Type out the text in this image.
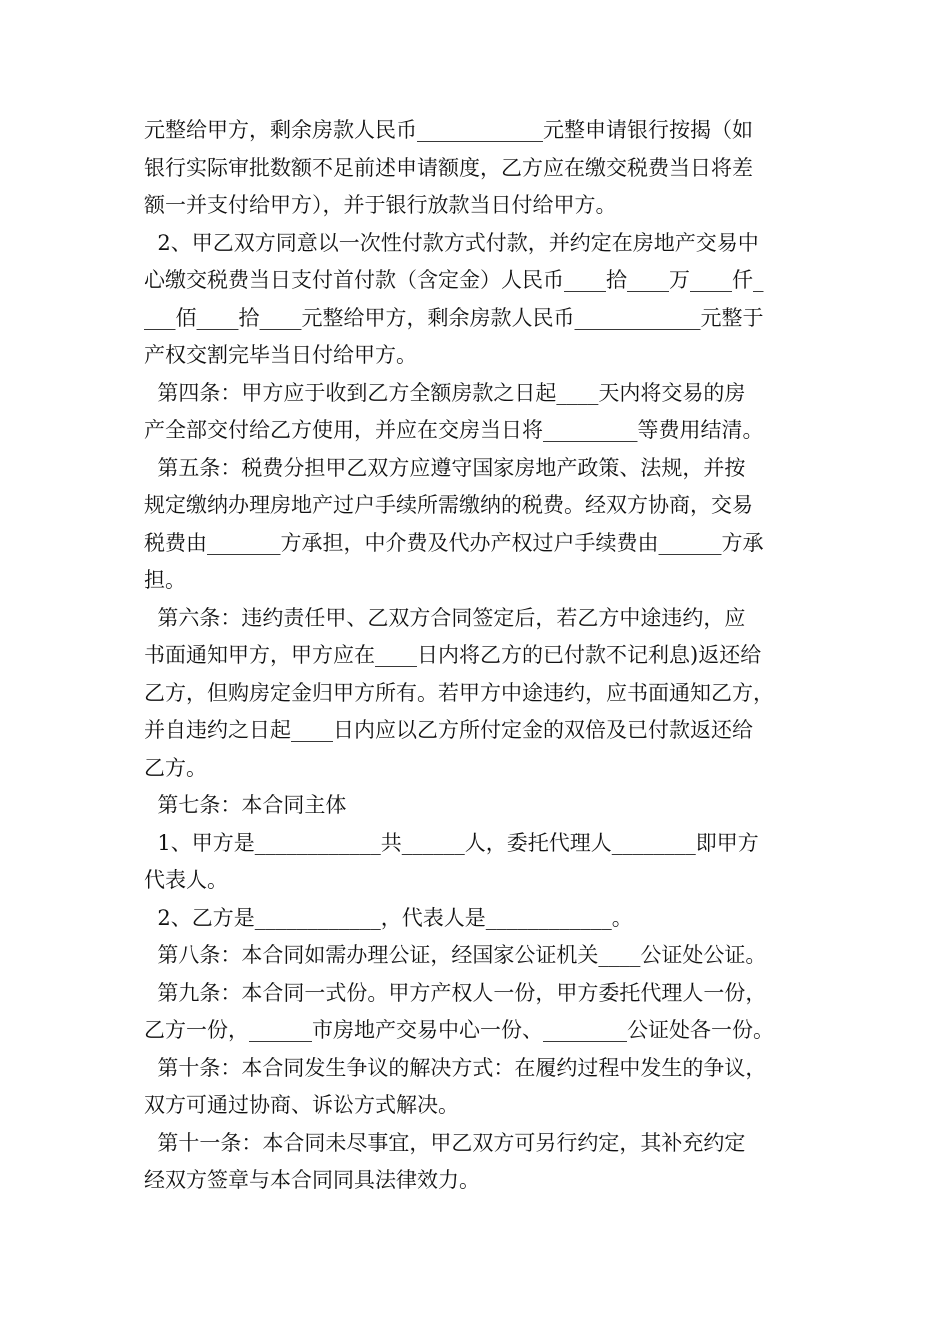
元整给甲方，剩余房款人民币____________元整申请银行按揭（如
银行实际审批数额不足前述申请额度，乙方应在缴交税费当日将差
额一并支付给甲方），并于银行放款当日付给甲方。
2、甲乙双方同意以一次性付款方式付款，并约定在房地产交易中
心缴交税费当日支付首付款（含定金）人民币____拾____万____仟_
___佰____拾____元整给甲方，剩余房款人民币____________元整于
产权交割完毕当日付给甲方。
第四条：甲方应于收到乙方全额房款之日起____天内将交易的房
产全部交付给乙方使用，并应在交房当日将_________等费用结清。
第五条：税费分担甲乙双方应遵守国家房地产政策、法规，并按
规定缴纳办理房地产过户手续所需缴纳的税费。经双方协商，交易
税费由_______方承担，中介费及代办产权过户手续费由______方承
担。
第六条：违约责任甲、乙双方合同签定后，若乙方中途违约，应
书面通知甲方，甲方应在____日内将乙方的已付款不记利息)返还给
乙方，但购房定金归甲方所有。若甲方中途违约，应书面通知乙方，
并自违约之日起____日内应以乙方所付定金的双倍及已付款返还给
乙方。
第七条：本合同主体
1、甲方是____________共______人，委托代理人________即甲方
代表人。
2、乙方是____________，代表人是____________。
第八条：本合同如需办理公证，经国家公证机关____公证处公证。
第九条：本合同一式份。甲方产权人一份，甲方委托代理人一份，
乙方一份，______市房地产交易中心一份、________公证处各一份。
第十条：本合同发生争议的解决方式：在履约过程中发生的争议，
双方可通过协商、诉讼方式解决。
第十一条：本合同未尽事宜，甲乙双方可另行约定，其补充约定
经双方签章与本合同同具法律效力。
